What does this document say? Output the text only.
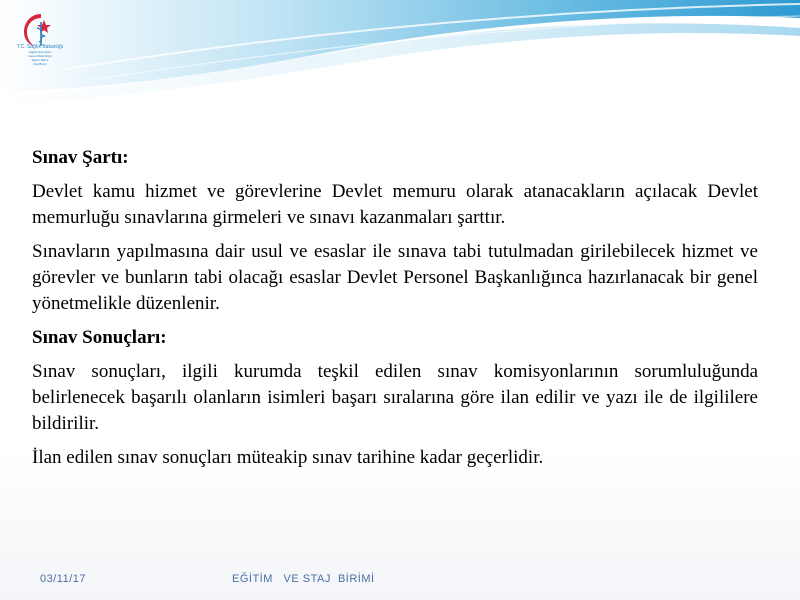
T.C. Sağlık Bakanlığı
Sağlık Hizmetleri
Genel Müdürlüğü
Eğitim Birimi
Staj Birimi
Sınav Şartı:
Devlet kamu hizmet ve görevlerine Devlet memuru olarak atanacakların açılacak Devlet memurluğu sınavlarına girmeleri ve sınavı kazanmaları şarttır.
Sınavların yapılmasına dair usul ve esaslar ile sınava tabi tutulmadan girilebilecek hizmet ve görevler ve bunların tabi olacağı esaslar Devlet Personel Başkanlığınca hazırlanacak bir genel yönetmelikle düzenlenir.
Sınav Sonuçları:
Sınav sonuçları, ilgili kurumda teşkil edilen sınav komisyonlarının sorumluluğunda belirlenecek başarılı olanların isimleri başarı sıralarına göre ilan edilir ve yazı ile de ilgililere bildirilir.
İlan edilen sınav sonuçları müteakip sınav tarihine kadar geçerlidir.
03/11/17	EĞİTİM   VE STAJ  BİRİMİ
